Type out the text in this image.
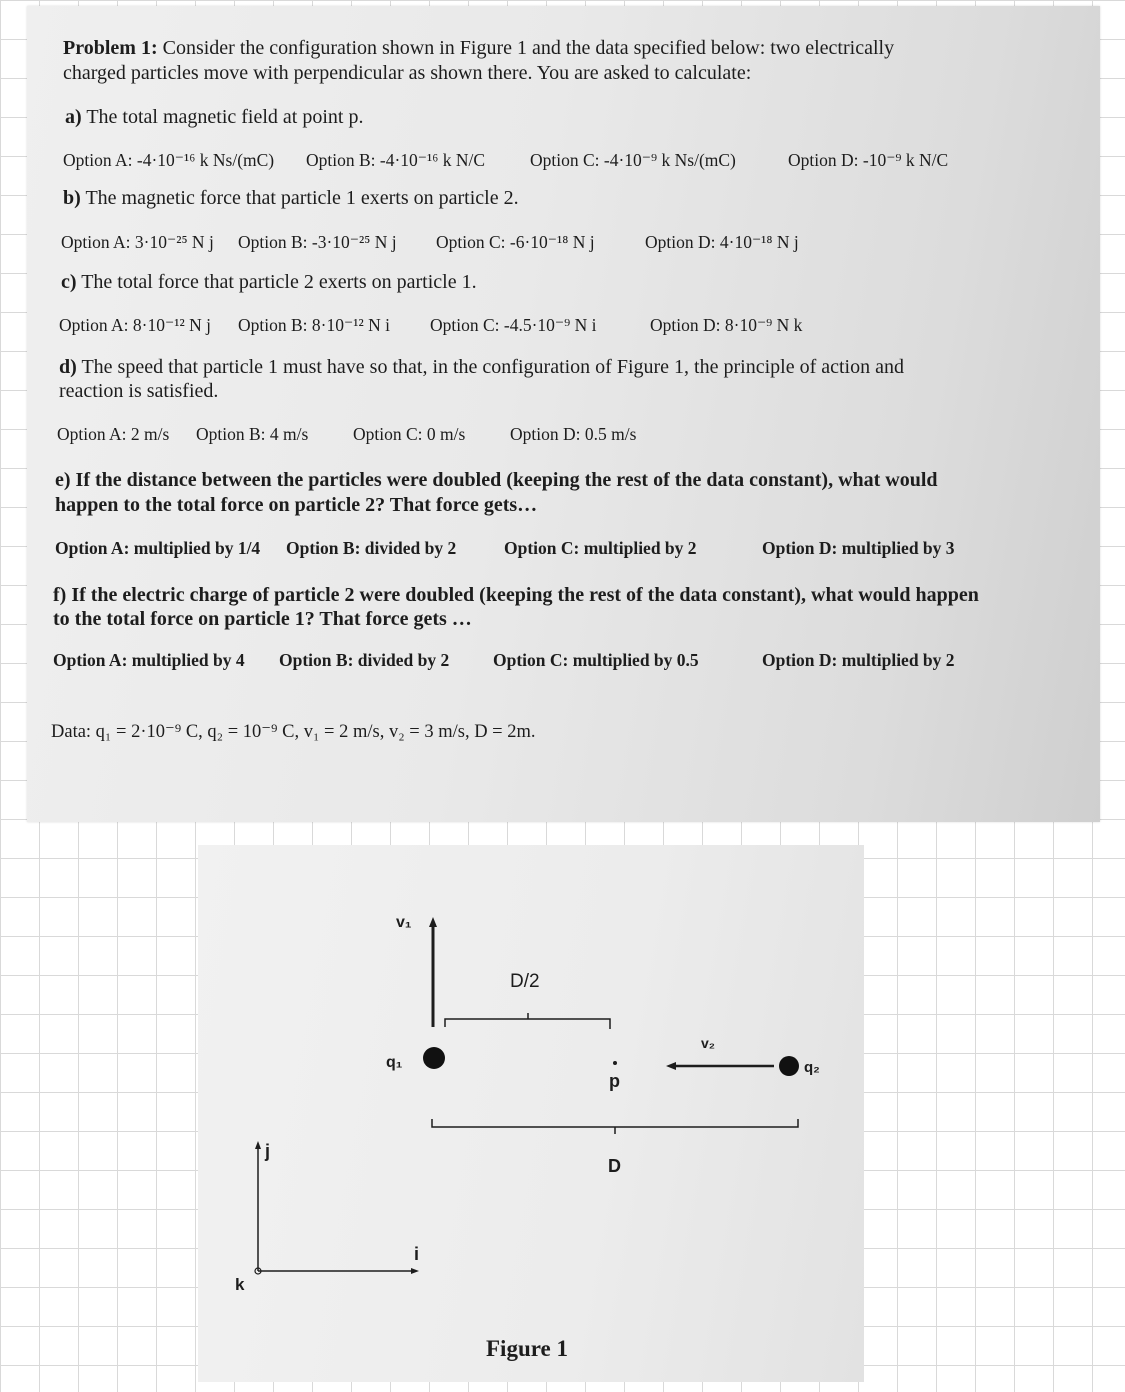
Problem 1: Consider the configuration shown in Figure 1 and the data specified below: two electrically
charged particles move with perpendicular as shown there. You are asked to calculate:
a) The total magnetic field at point p.
Option A: -4·10⁻¹⁶ k Ns/(mC) Option B: -4·10⁻¹⁶ k N/C	Option C: -4·10⁻⁹ k Ns/(mC)	Option D: -10⁻⁹ k N/C
b) The magnetic force that particle 1 exerts on particle 2.
Option A: 3·10⁻²⁵ N j Option B: -3·10⁻²⁵ N j Option C: -6·10⁻¹⁸ N j	Option D: 4·10⁻¹⁸ N j
c) The total force that particle 2 exerts on particle 1.
Option A: 8·10⁻¹² N j Option B: 8·10⁻¹² N i Option C: -4.5·10⁻⁹ N i	Option D: 8·10⁻⁹ N k
d) The speed that particle 1 must have so that, in the configuration of Figure 1, the principle of action and
reaction is satisfied.
Option A: 2 m/s Option B: 4 m/s	Option C: 0 m/s	Option D: 0.5 m/s
e) If the distance between the particles were doubled (keeping the rest of the data constant), what would
happen to the total force on particle 2? That force gets…
Option A: multiplied by 1/4 Option B: divided by 2	Option C: multiplied by 2	Option D: multiplied by 3
f) If the electric charge of particle 2 were doubled (keeping the rest of the data constant), what would happen
to the total force on particle 1? That force gets …
Option A: multiplied by 4 Option B: divided by 2	Option C: multiplied by 0.5	Option D: multiplied by 2
Data: q₁ = 2·10⁻⁹ C, q₂ = 10⁻⁹ C, v₁ = 2 m/s, v₂ = 3 m/s, D = 2m.
v₁
D/2
q₁
p
v₂
q₂
D
j
i
k
Figure 1
